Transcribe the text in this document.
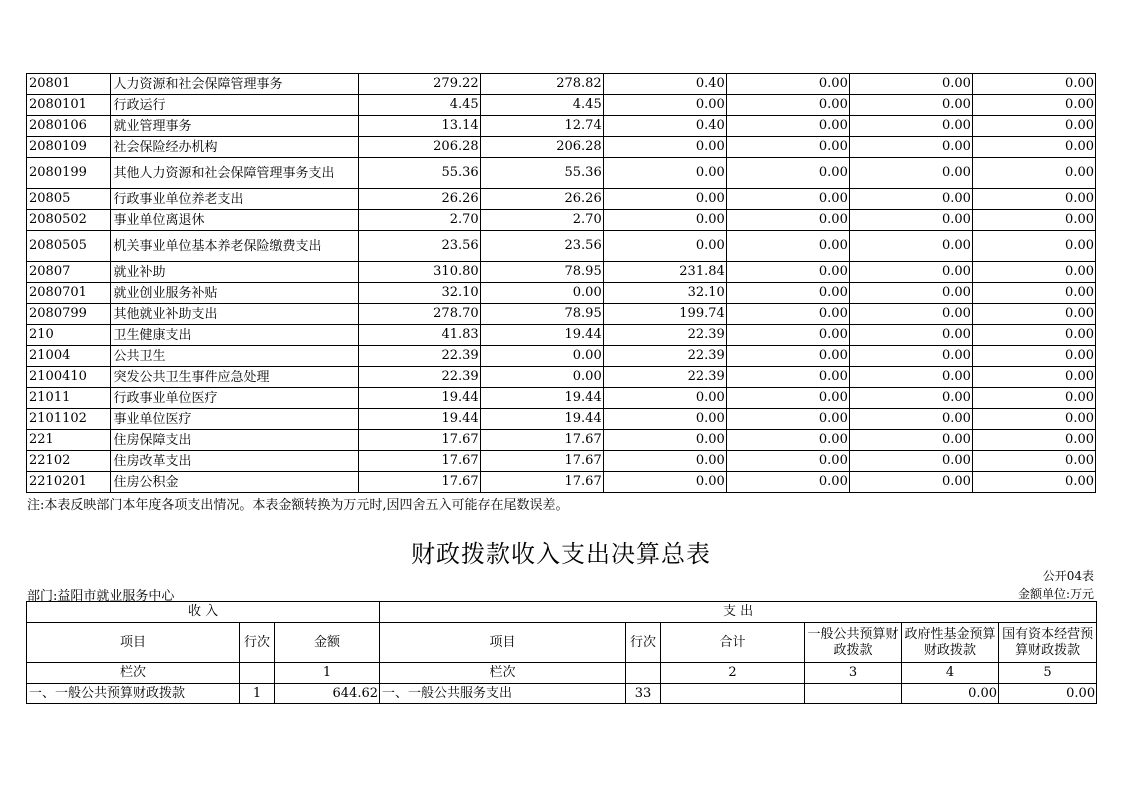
20801	人力资源和社会保障管理事务	279.22	278.82	0.40	0.00	0.00	0.00
2080101	行政运行	4.45	4.45	0.00	0.00	0.00	0.00
2080106	就业管理事务	13.14	12.74	0.40	0.00	0.00	0.00
2080109	社会保险经办机构	206.28	206.28	0.00	0.00	0.00	0.00
2080199	其他人力资源和社会保障管理事务支出	55.36	55.36	0.00	0.00	0.00	0.00
20805	行政事业单位养老支出	26.26	26.26	0.00	0.00	0.00	0.00
2080502	事业单位离退休	2.70	2.70	0.00	0.00	0.00	0.00
2080505	机关事业单位基本养老保险缴费支出	23.56	23.56	0.00	0.00	0.00	0.00
20807	就业补助	310.80	78.95	231.84	0.00	0.00	0.00
2080701	就业创业服务补贴	32.10	0.00	32.10	0.00	0.00	0.00
2080799	其他就业补助支出	278.70	78.95	199.74	0.00	0.00	0.00
210	卫生健康支出	41.83	19.44	22.39	0.00	0.00	0.00
21004	公共卫生	22.39	0.00	22.39	0.00	0.00	0.00
2100410	突发公共卫生事件应急处理	22.39	0.00	22.39	0.00	0.00	0.00
21011	行政事业单位医疗	19.44	19.44	0.00	0.00	0.00	0.00
2101102	事业单位医疗	19.44	19.44	0.00	0.00	0.00	0.00
221	住房保障支出	17.67	17.67	0.00	0.00	0.00	0.00
22102	住房改革支出	17.67	17.67	0.00	0.00	0.00	0.00
2210201	住房公积金	17.67	17.67	0.00	0.00	0.00	0.00
注:本表反映部门本年度各项支出情况。本表金额转换为万元时,因四舍五入可能存在尾数误差。
财政拨款收入支出决算总表
公开04表
部门:益阳市就业服务中心	金额单位:万元
收 入			支 出					
项目	行次	金额	项目	行次	合计	一般公共预算财政拨款	政府性基金预算财政拨款	国有资本经营预算财政拨款
栏次		1	栏次		2	3	4	5
一、一般公共预算财政拨款	1	644.62	一、一般公共服务支出	33			0.00	0.00
